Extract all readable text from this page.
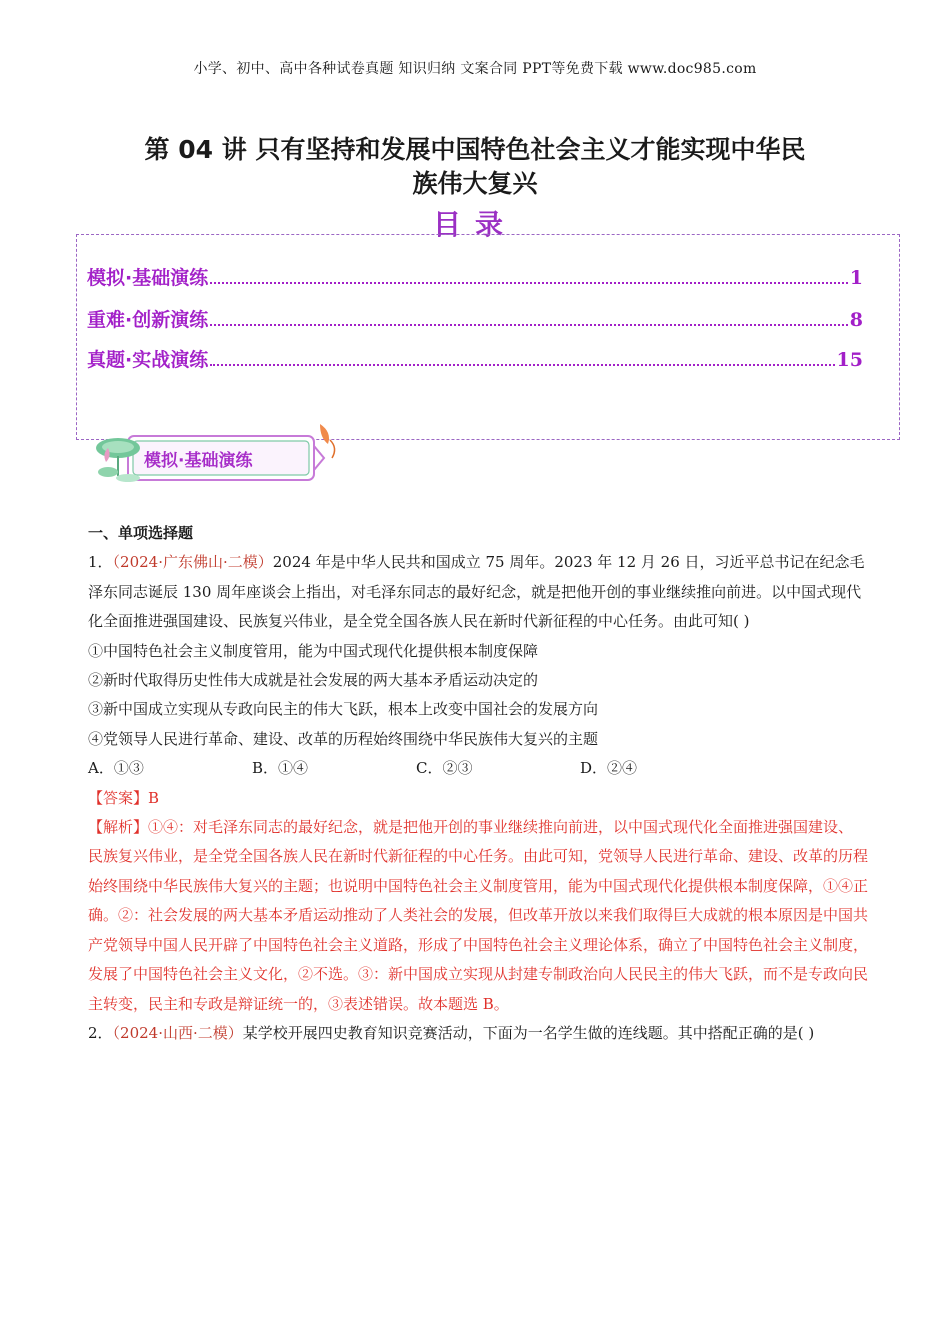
小学、初中、高中各种试卷真题 知识归纳 文案合同 PPT等免费下载 www.doc985.com
第 04 讲 只有坚持和发展中国特色社会主义才能实现中华民
族伟大复兴
目录
模拟·基础演练	1
重难·创新演练	8
真题·实战演练	15
模拟·基础演练

一、单项选择题

1．（2024·广东佛山·二模）2024 年是中华人民共和国成立 75 周年。2023 年 12 月 26 日，习近平总书记在纪念毛泽东同志诞辰 130 周年座谈会上指出，对毛泽东同志的最好纪念，就是把他开创的事业继续推向前进。以中国式现代化全面推进强国建设、民族复兴伟业，是全党全国各族人民在新时代新征程的中心任务。由此可知( )

①中国特色社会主义制度管用，能为中国式现代化提供根本制度保障

②新时代取得历史性伟大成就是社会发展的两大基本矛盾运动决定的

③新中国成立实现从专政向民主的伟大飞跃，根本上改变中国社会的发展方向

④党领导人民进行革命、建设、改革的历程始终围绕中华民族伟大复兴的主题

A．①③	B．①④	C．②③	D．②④

【答案】B

【解析】①④：对毛泽东同志的最好纪念，就是把他开创的事业继续推向前进，以中国式现代化全面推进强国建设、民族复兴伟业，是全党全国各族人民在新时代新征程的中心任务。由此可知，党领导人民进行革命、建设、改革的历程始终围绕中华民族伟大复兴的主题；也说明中国特色社会主义制度管用，能为中国式现代化提供根本制度保障，①④正确。②：社会发展的两大基本矛盾运动推动了人类社会的发展，但改革开放以来我们取得巨大成就的根本原因是中国共产党领导中国人民开辟了中国特色社会主义道路，形成了中国特色社会主义理论体系，确立了中国特色社会主义制度，发展了中国特色社会主义文化，②不选。③：新中国成立实现从封建专制政治向人民民主的伟大飞跃，而不是专政向民主转变，民主和专政是辩证统一的，③表述错误。故本题选 B。

2．（2024·山西·二模）某学校开展四史教育知识竞赛活动，下面为一名学生做的连线题。其中搭配正确的是( )
